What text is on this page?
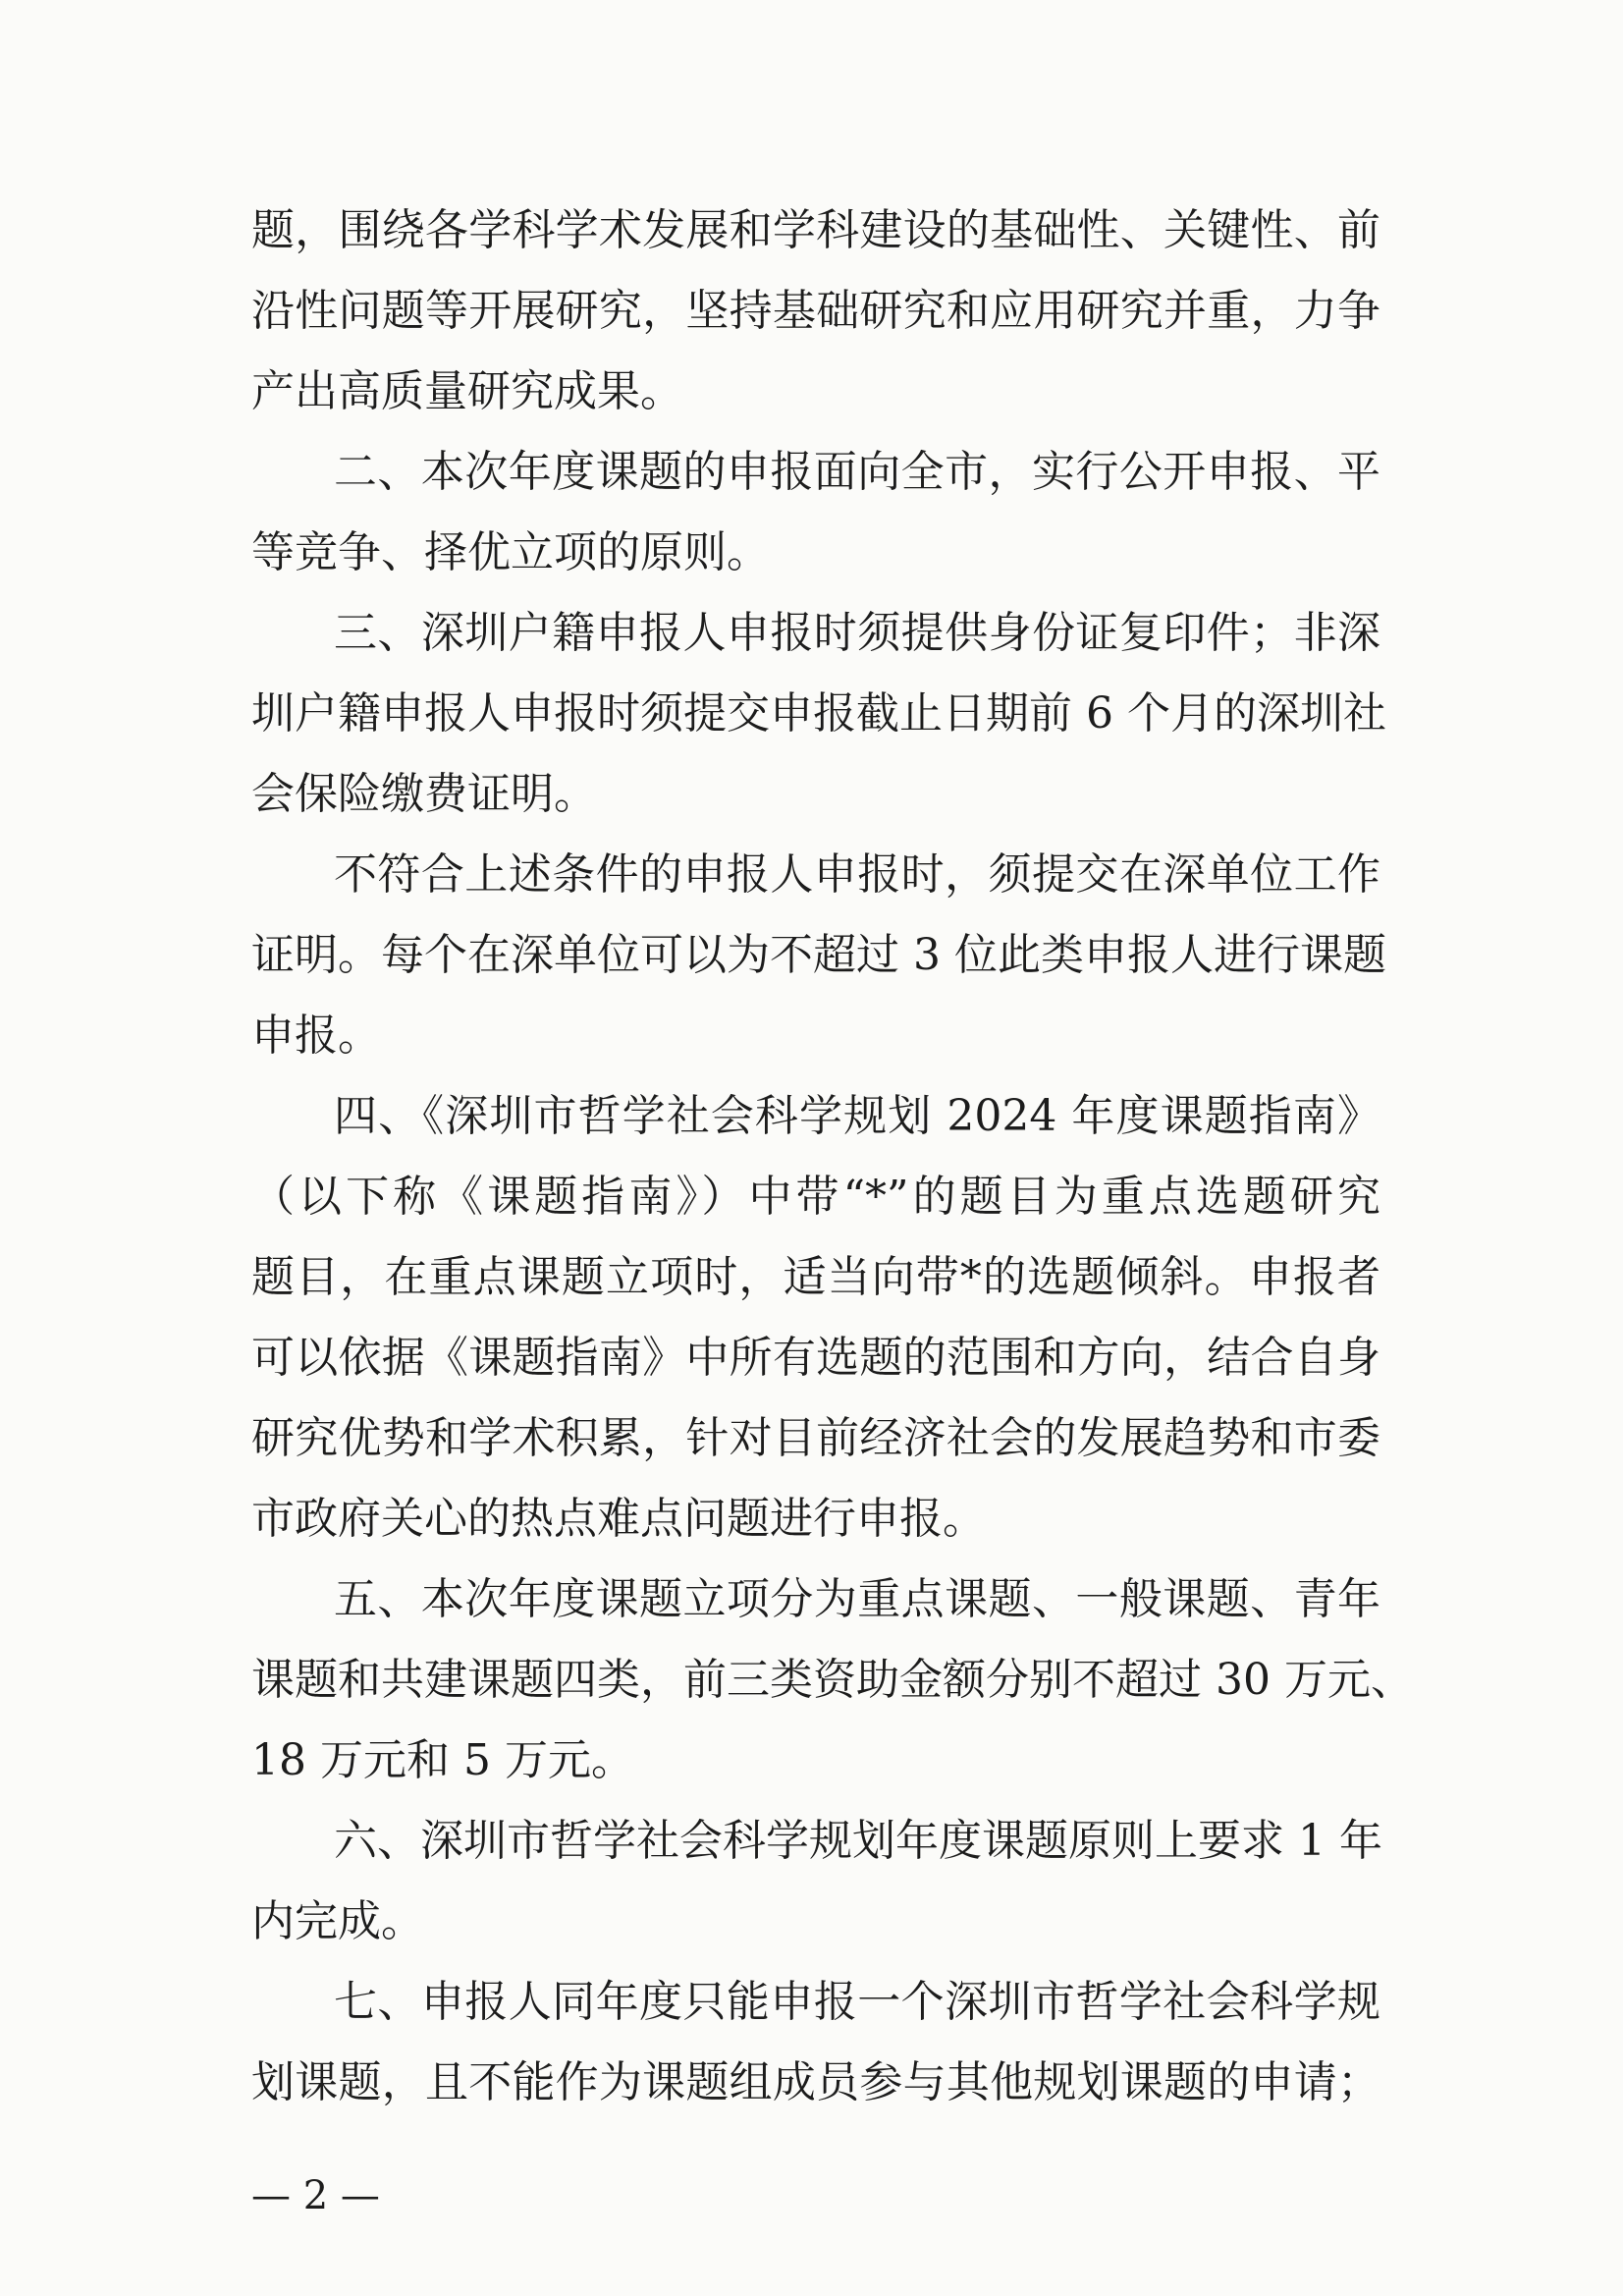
题，围绕各学科学术发展和学科建设的基础性、关键性、前
沿性问题等开展研究，坚持基础研究和应用研究并重，力争
产出高质量研究成果。
二、本次年度课题的申报面向全市，实行公开申报、平
等竞争、择优立项的原则。
三、深圳户籍申报人申报时须提供身份证复印件；非深
圳户籍申报人申报时须提交申报截止日期前 6 个月的深圳社
会保险缴费证明。
不符合上述条件的申报人申报时，须提交在深单位工作
证明。每个在深单位可以为不超过 3 位此类申报人进行课题
申报。
四、《深圳市哲学社会科学规划 2024 年度课题指南》
（以下称《课题指南》）中带“*”的题目为重点选题研究
题目，在重点课题立项时，适当向带*的选题倾斜。申报者
可以依据《课题指南》中所有选题的范围和方向，结合自身
研究优势和学术积累，针对目前经济社会的发展趋势和市委
市政府关心的热点难点问题进行申报。
五、本次年度课题立项分为重点课题、一般课题、青年
课题和共建课题四类，前三类资助金额分别不超过 30 万元、
18 万元和 5 万元。
— 2 —
六、深圳市哲学社会科学规划年度课题原则上要求 1 年
内完成。
七、申报人同年度只能申报一个深圳市哲学社会科学规
划课题，且不能作为课题组成员参与其他规划课题的申请；
